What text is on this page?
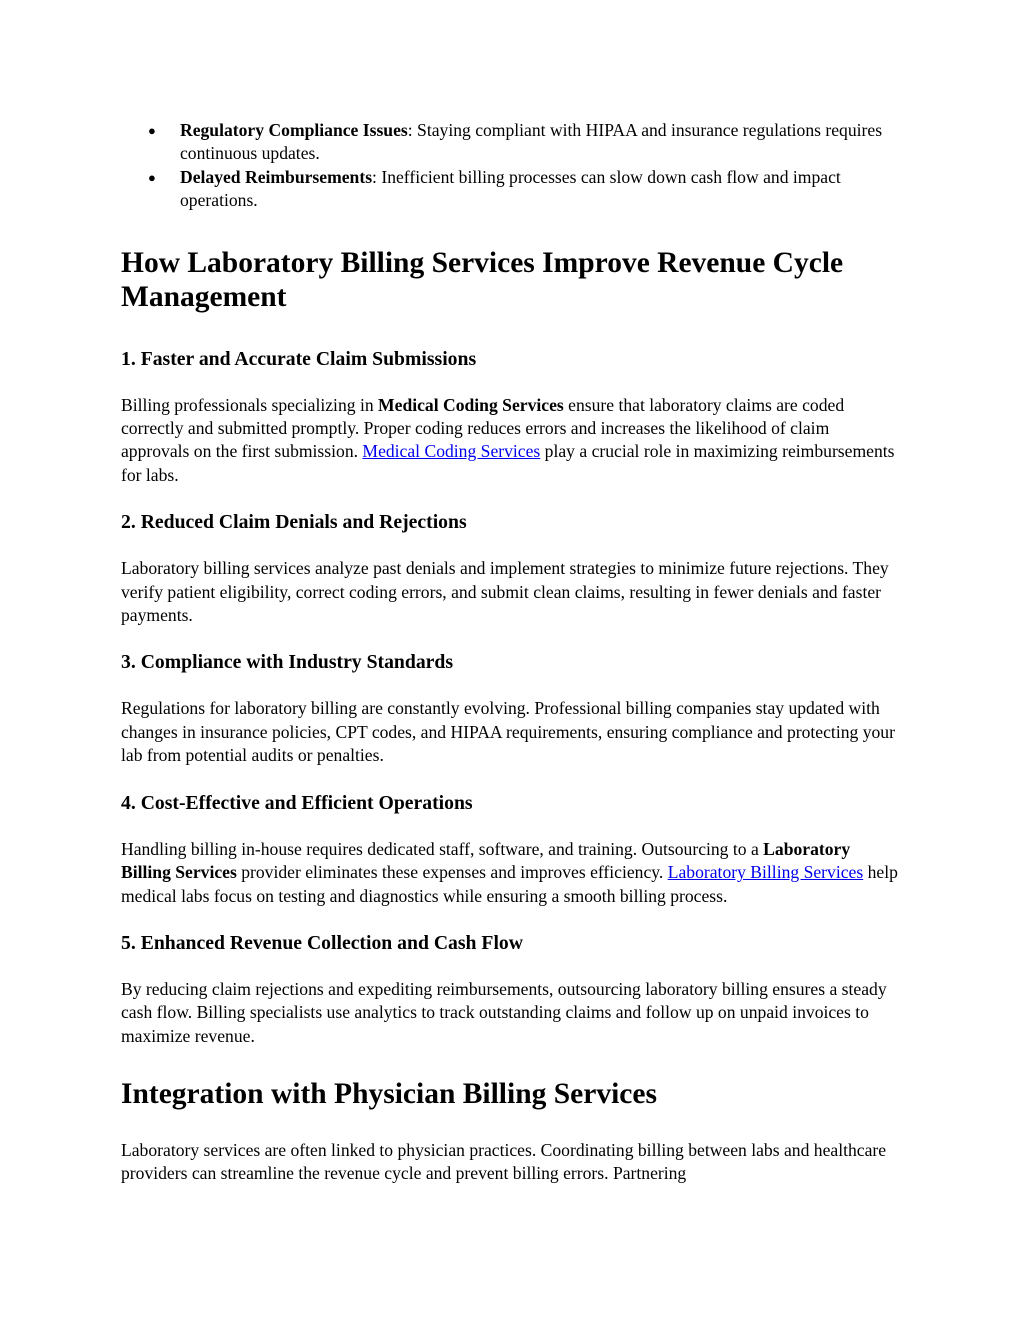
● Regulatory Compliance Issues: Staying compliant with HIPAA and insurance regulations requires continuous updates.
● Delayed Reimbursements: Inefficient billing processes can slow down cash flow and impact operations.
How Laboratory Billing Services Improve Revenue Cycle Management
1. Faster and Accurate Claim Submissions

Billing professionals specializing in Medical Coding Services ensure that laboratory claims are coded correctly and submitted promptly. Proper coding reduces errors and increases the likelihood of claim approvals on the first submission. Medical Coding Services play a crucial role in maximizing reimbursements for labs.

2. Reduced Claim Denials and Rejections

Laboratory billing services analyze past denials and implement strategies to minimize future rejections. They verify patient eligibility, correct coding errors, and submit clean claims, resulting in fewer denials and faster payments.

3. Compliance with Industry Standards

Regulations for laboratory billing are constantly evolving. Professional billing companies stay updated with changes in insurance policies, CPT codes, and HIPAA requirements, ensuring compliance and protecting your lab from potential audits or penalties.

4. Cost-Effective and Efficient Operations

Handling billing in-house requires dedicated staff, software, and training. Outsourcing to a Laboratory Billing Services provider eliminates these expenses and improves efficiency. Laboratory Billing Services help medical labs focus on testing and diagnostics while ensuring a smooth billing process.

5. Enhanced Revenue Collection and Cash Flow

By reducing claim rejections and expediting reimbursements, outsourcing laboratory billing ensures a steady cash flow. Billing specialists use analytics to track outstanding claims and follow up on unpaid invoices to maximize revenue.

Integration with Physician Billing Services

Laboratory services are often linked to physician practices. Coordinating billing between labs and healthcare providers can streamline the revenue cycle and prevent billing errors. Partnering
